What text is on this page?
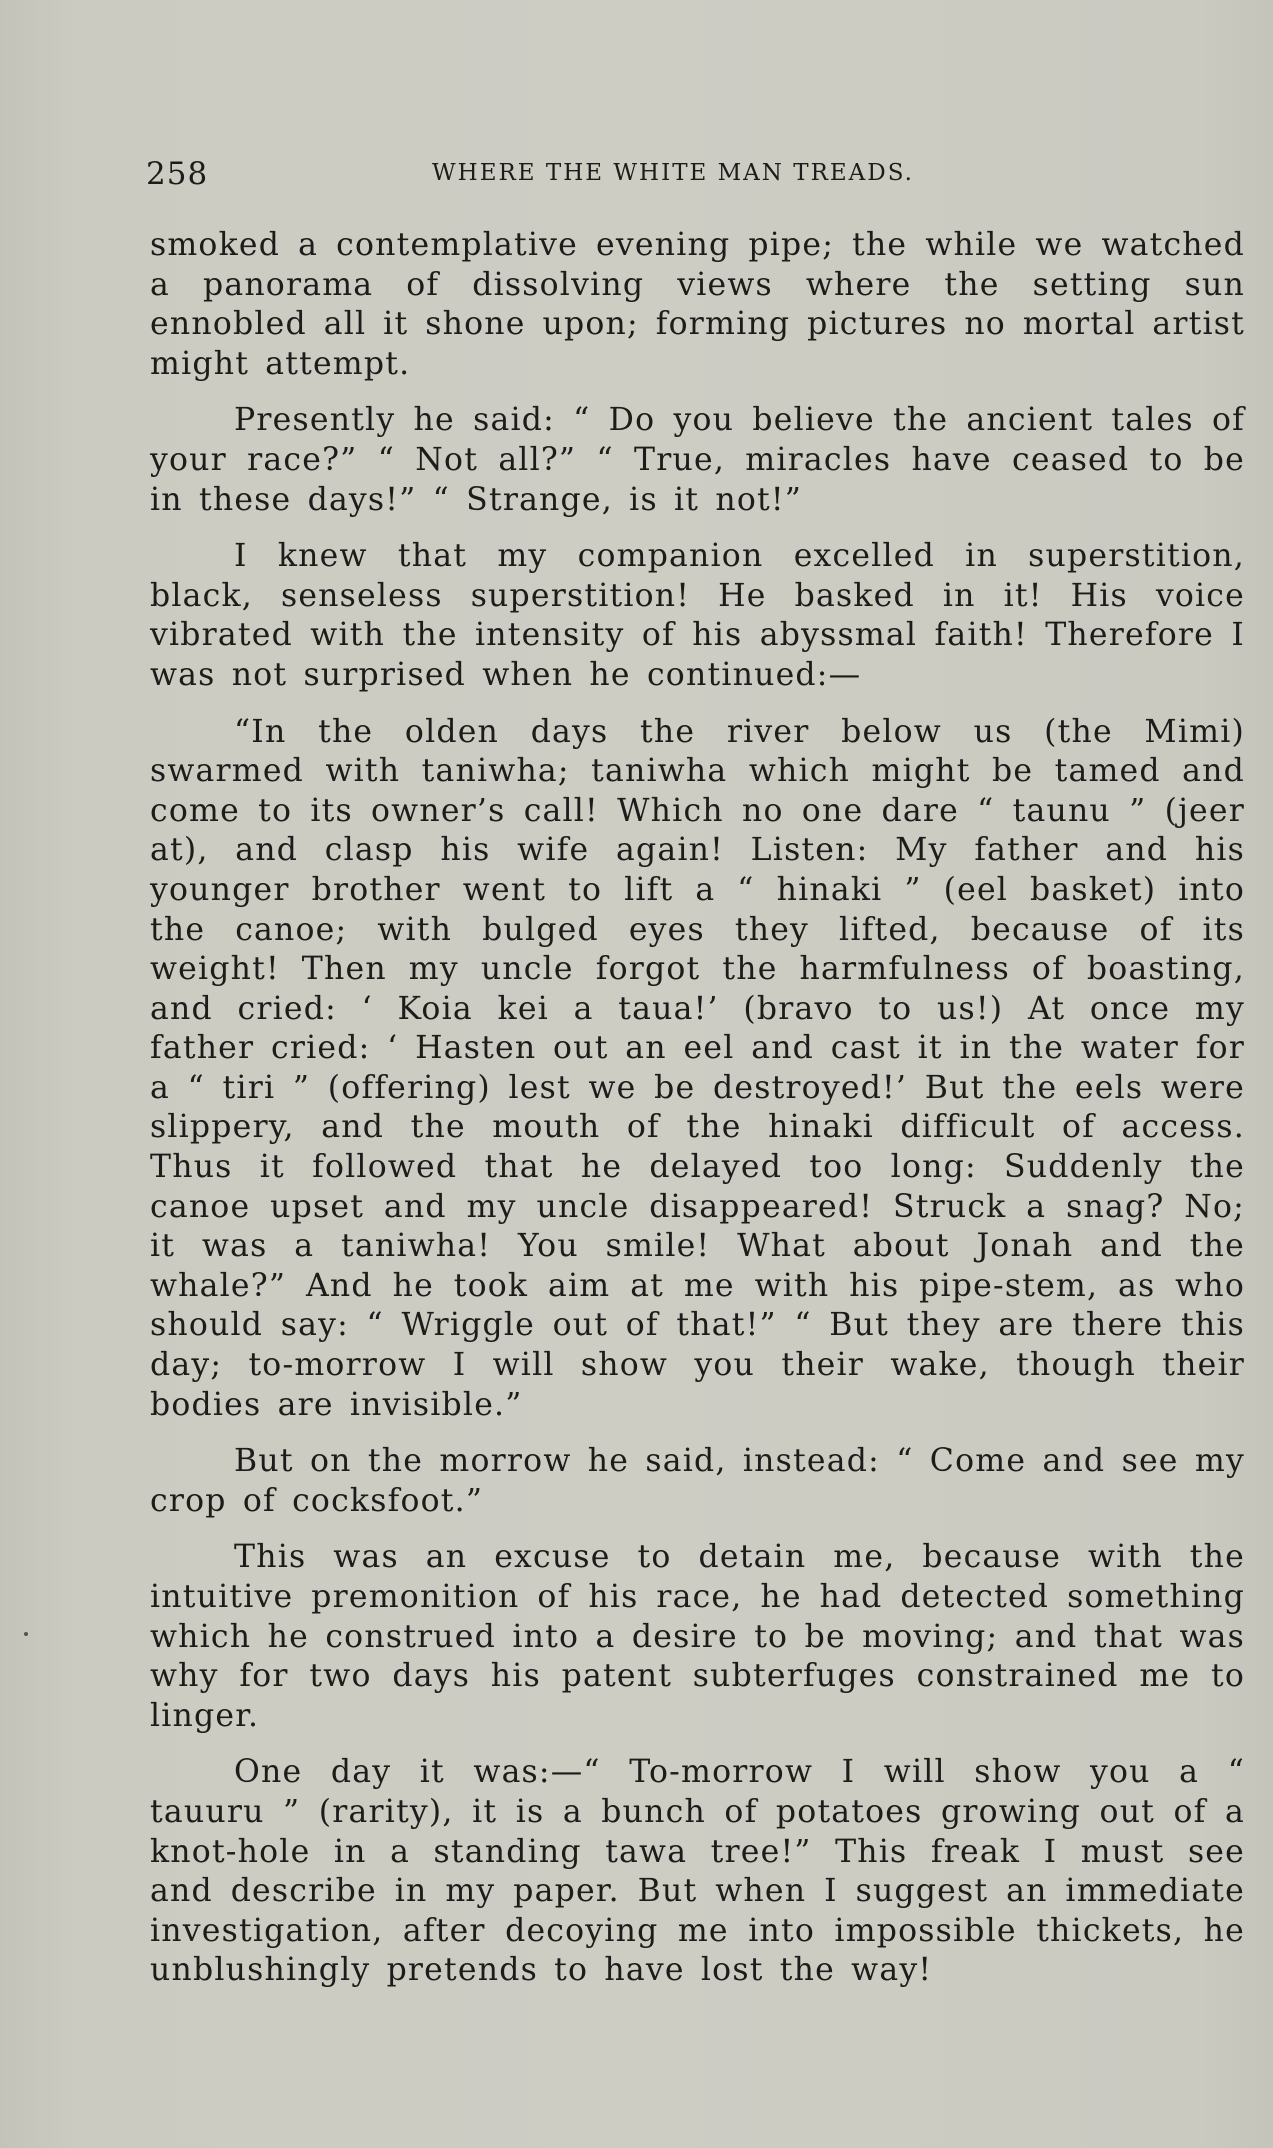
258	WHERE THE WHITE MAN TREADS.

smoked a contemplative evening pipe; the while we watched a panorama of dissolving views where the setting sun ennobled all it shone upon; forming pictures no mortal artist might attempt.

Presently he said: “ Do you believe the ancient tales of your race?” “ Not all?” “ True, miracles have ceased to be in these days!” “ Strange, is it not!”

I knew that my companion excelled in superstition, black, senseless superstition! He basked in it! His voice vibrated with the intensity of his abyssmal faith! Therefore I was not surprised when he continued:—

“In the olden days the river below us (the Mimi) swarmed with taniwha; taniwha which might be tamed and come to its owner’s call! Which no one dare “ taunu ” (jeer at), and clasp his wife again! Listen: My father and his younger brother went to lift a “ hinaki ” (eel basket) into the canoe; with bulged eyes they lifted, because of its weight! Then my uncle forgot the harmfulness of boasting, and cried: ‘ Koia kei a taua!’ (bravo to us!) At once my father cried: ‘ Hasten out an eel and cast it in the water for a “ tiri ” (offering) lest we be destroyed!’ But the eels were slippery, and the mouth of the hinaki difficult of access. Thus it followed that he delayed too long: Suddenly the canoe upset and my uncle disappeared! Struck a snag? No; it was a taniwha! You smile! What about Jonah and the whale?” And he took aim at me with his pipe-stem, as who should say: “ Wriggle out of that!” “ But they are there this day; to-morrow I will show you their wake, though their bodies are invisible.”

But on the morrow he said, instead: “ Come and see my crop of cocksfoot.”

This was an excuse to detain me, because with the intuitive premonition of his race, he had detected something which he construed into a desire to be moving; and that was why for two days his patent subterfuges constrained me to linger.

One day it was:—“ To-morrow I will show you a “ tauuru ” (rarity), it is a bunch of potatoes growing out of a knot-hole in a standing tawa tree!” This freak I must see and describe in my paper. But when I suggest an immediate investigation, after decoying me into impossible thickets, he unblushingly pretends to have lost the way!
